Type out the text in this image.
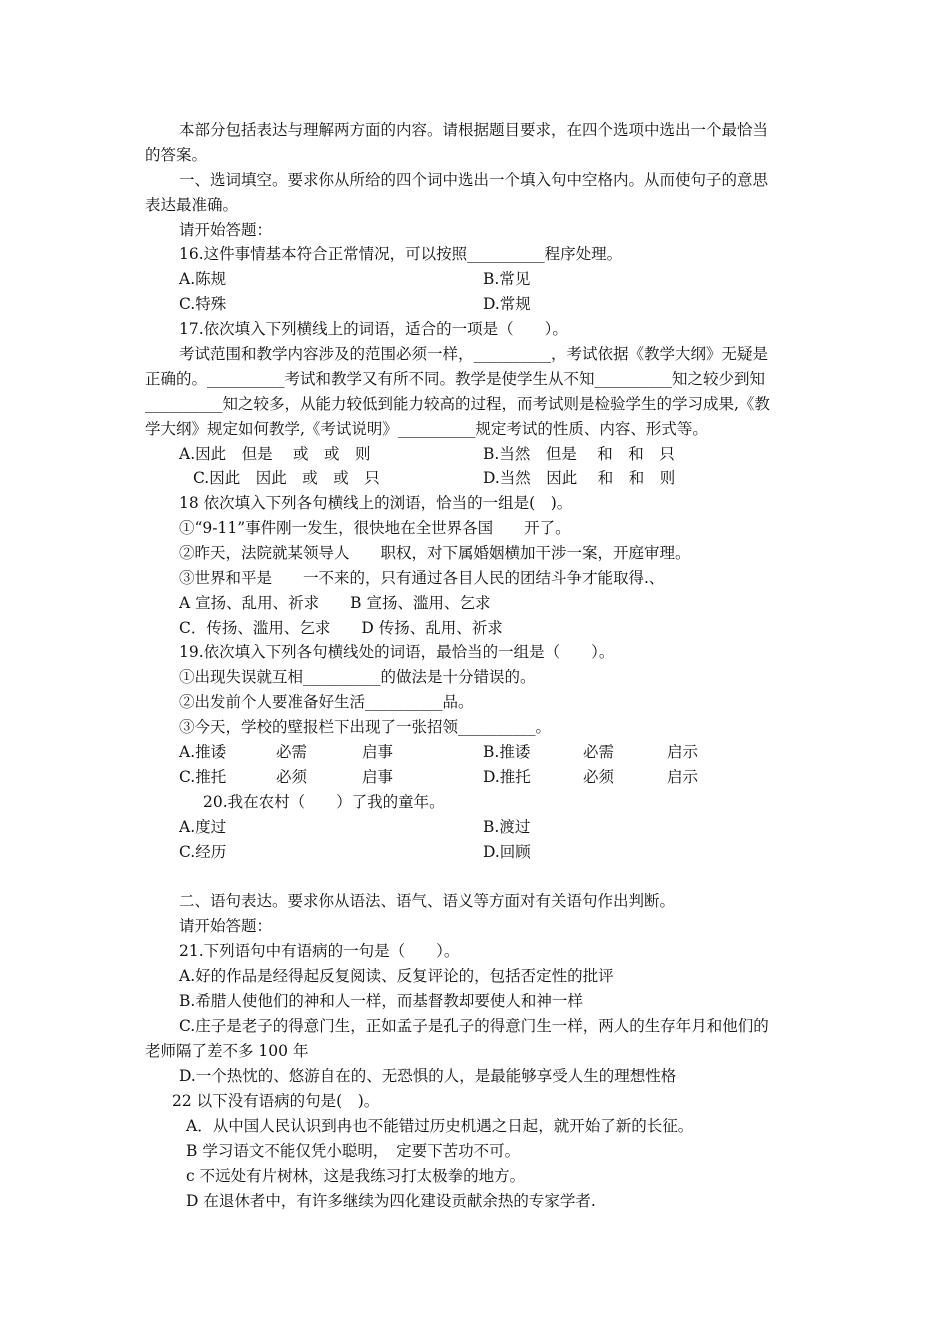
本部分包括表达与理解两方面的内容。请根据题目要求，在四个选项中选出一个最恰当
的答案。
一、选词填空。要求你从所给的四个词中选出一个填入句中空格内。从而使句子的意思
表达最准确。
请开始答题：
16.这件事情基本符合正常情况，可以按照__________程序处理。
A.陈规	B.常见
C.特殊	D.常规
17.依次填入下列横线上的词语，适合的一项是（　　）。
考试范围和教学内容涉及的范围必须一样，__________，考试依据《教学大纲》无疑是
正确的。__________考试和教学又有所不同。教学是使学生从不知__________知之较少到知
__________知之较多，从能力较低到能力较高的过程，而考试则是检验学生的学习成果,《教
学大纲》规定如何教学,《考试说明》__________规定考试的性质、内容、形式等。
A.因此　但是　 或　或　则	B.当然　但是　 和　和　只
C.因此　因此　或　或　只	D.当然　因此　 和　和　则
18 依次填入下列各句横线上的浏语，恰当的一组是(　)。
①“9-11”事件刚一发生，很快地在全世界各国　　开了。
②昨天，法院就某领导人　　职权，对下属婚姻横加干涉一案，开庭审理。
③世界和平是　　一不来的，只有通过各目人民的团结斗争才能取得.、
A 宣扬、乱用、祈求　　B 宣扬、滥用、乞求
C．传扬、滥用、乞求　　D 传扬、乱用、祈求
19.依次填入下列各句横线处的词语，最恰当的一组是（　　）。
①出现失误就互相__________的做法是十分错误的。
②出发前个人要准备好生活__________品。
③今天，学校的壁报栏下出现了一张招领__________。
A.推诿	必需	启事	B.推诿	必需	启示
C.推托	必须	启事	D.推托	必须	启示
20.我在农村（　　）了我的童年。
A.度过	B.渡过
C.经历	D.回顾
二、语句表达。要求你从语法、语气、语义等方面对有关语句作出判断。
请开始答题：
21.下列语句中有语病的一句是（　　）。
A.好的作品是经得起反复阅读、反复评论的，包括否定性的批评
B.希腊人使他们的神和人一样，而基督教却要使人和神一样
C.庄子是老子的得意门生，正如孟子是孔子的得意门生一样，两人的生存年月和他们的
老师隔了差不多 100 年
D.一个热忱的、悠游自在的、无恐惧的人，是最能够享受人生的理想性格
22 以下没有语病的句是(　)。
A．从中国人民认识到冉也不能错过历史机遇之日起，就开始了新的长征。
B 学习语文不能仅凭小聪明，　定要下苦功不可。
c 不远处有片树林，这是我练习打太极拳的地方。
D 在退休者中，有许多继续为四化建设贡献余热的专家学者.
